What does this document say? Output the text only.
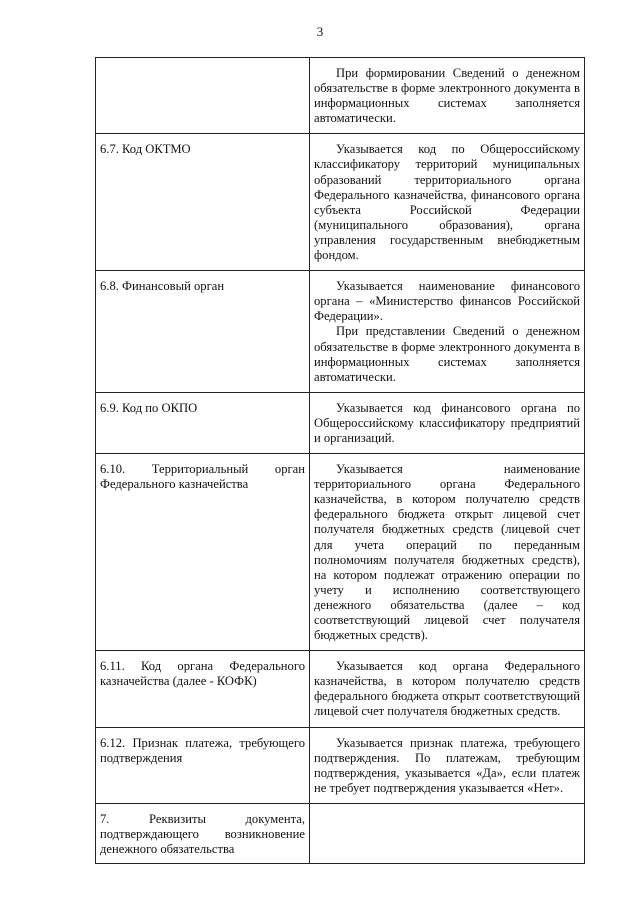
3

	При формировании Сведений о денежном обязательстве в форме электронного документа в информационных системах заполняется автоматически.

6.7. Код ОКТМО	Указывается код по Общероссийскому классификатору территорий муниципальных образований территориального органа Федерального казначейства, финансового органа субъекта Российской Федерации (муниципального образования), органа управления государственным внебюджетным фондом.

6.8. Финансовый орган	Указывается наименование финансового органа – «Министерство финансов Российской Федерации».

При представлении Сведений о денежном обязательстве в форме электронного документа в информационных системах заполняется автоматически.

6.9. Код по ОКПО	Указывается код финансового органа по Общероссийскому классификатору предприятий и организаций.

6.10. Территориальный орган Федерального казначейства	Указывается наименование территориального органа Федерального казначейства, в котором получателю средств федерального бюджета открыт лицевой счет получателя бюджетных средств (лицевой счет для учета операций по переданным полномочиям получателя бюджетных средств), на котором подлежат отражению операции по учету и исполнению соответствующего денежного обязательства (далее – код соответствующий лицевой счет получателя бюджетных средств).

6.11. Код органа Федерального казначейства (далее - КОФК)	Указывается код органа Федерального казначейства, в котором получателю средств федерального бюджета открыт соответствующий лицевой счет получателя бюджетных средств.

6.12. Признак платежа, требующего подтверждения	Указывается признак платежа, требующего подтверждения. По платежам, требующим подтверждения, указывается «Да», если платеж не требует подтверждения указывается «Нет».

7. Реквизиты документа, подтверждающего возникновение денежного обязательства	
